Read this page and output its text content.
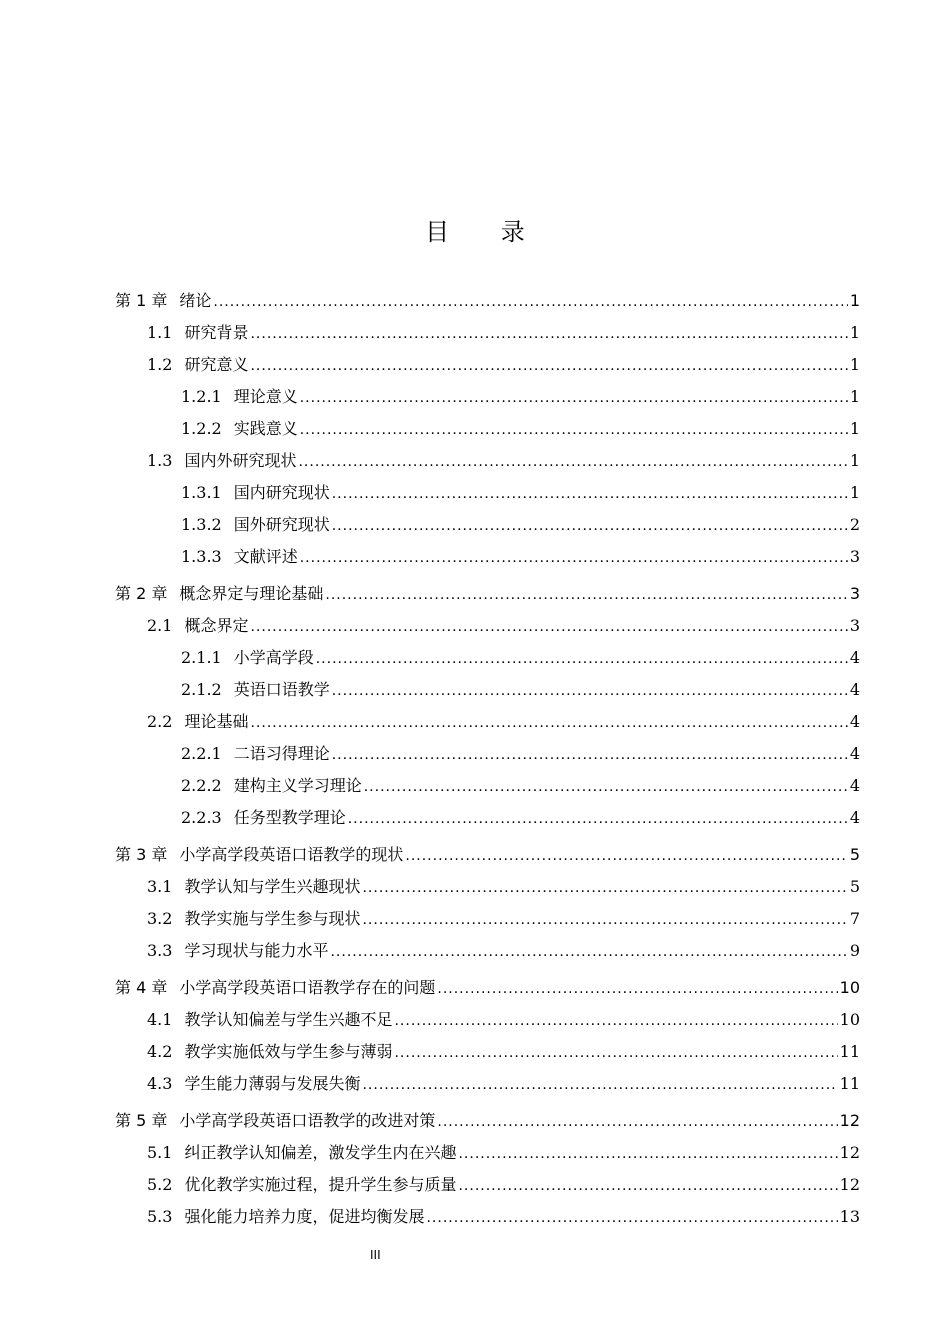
目 录
第 1 章 绪论 .....	1
1.1 研究背景 .....	1
1.2 研究意义 .....	1
1.2.1 理论意义 .....	1
1.2.2 实践意义 .....	1
1.3 国内外研究现状 .....	1
1.3.1 国内研究现状 .....	1
1.3.2 国外研究现状 .....	2
1.3.3 文献评述 .....	3
第 2 章 概念界定与理论基础 .....	3
2.1 概念界定 .....	3
2.1.1 小学高学段 .....	4
2.1.2 英语口语教学 .....	4
2.2 理论基础 .....	4
2.2.1 二语习得理论 .....	4
2.2.2 建构主义学习理论 .....	4
2.2.3 任务型教学理论 .....	4
第 3 章 小学高学段英语口语教学的现状 .....	5
3.1 教学认知与学生兴趣现状 .....	5
3.2 教学实施与学生参与现状 .....	7
3.3 学习现状与能力水平 .....	9
第 4 章 小学高学段英语口语教学存在的问题 .....	10
4.1 教学认知偏差与学生兴趣不足 .....	10
4.2 教学实施低效与学生参与薄弱 .....	11
4.3 学生能力薄弱与发展失衡 .....	11
第 5 章 小学高学段英语口语教学的改进对策 .....	12
5.1 纠正教学认知偏差，激发学生内在兴趣 .....	12
5.2 优化教学实施过程，提升学生参与质量 .....	12
5.3 强化能力培养力度，促进均衡发展 .....	13
III
